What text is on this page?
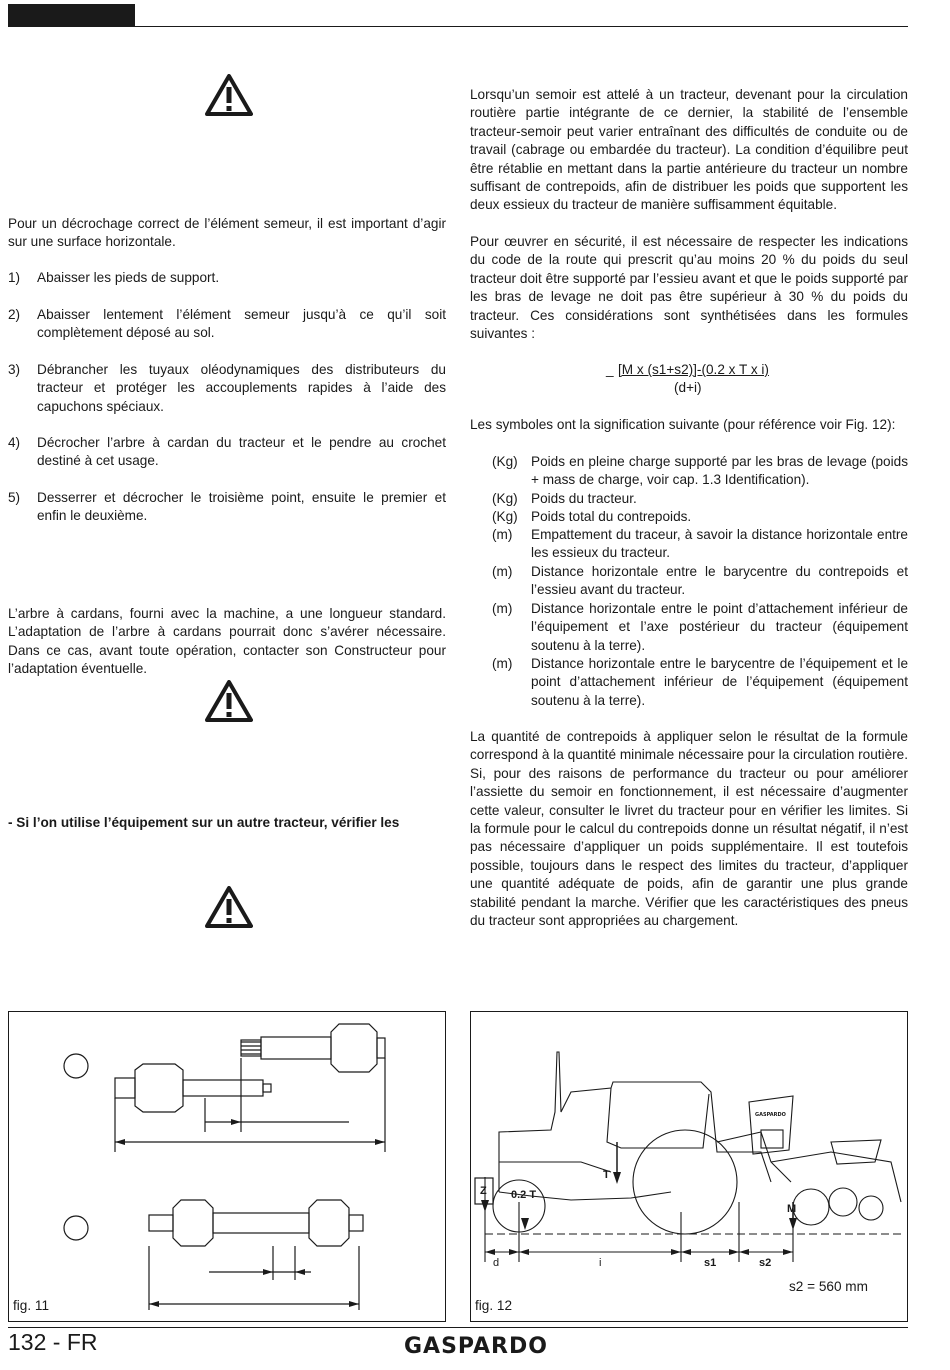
Pour un décrochage correct de l’élément semeur, il est important d’agir sur une surface horizontale.
1) Abaisser les pieds de support.
2) Abaisser lentement l’élément semeur jusqu’à ce qu’il soit complètement déposé au sol.
3) Débrancher les tuyaux oléodynamiques des distributeurs du tracteur et protéger les accouplements rapides à l’aide des capuchons spéciaux.
4) Décrocher l’arbre à cardan du tracteur et le pendre au crochet destiné à cet usage.
5) Desserrer et décrocher le troisième point, ensuite le premier et enfin le deuxième.
L’arbre à cardans, fourni avec la machine, a une longueur standard. L’adaptation de l’arbre à cardans pourrait donc s’avérer nécessaire. Dans ce cas, avant toute opération, contacter son Constructeur pour l’adaptation éventuelle.
- Si l’on utilise l’équipement sur un autre tracteur, vérifier les
Lorsqu’un semoir est attelé à un tracteur, devenant pour la circulation routière partie intégrante de ce dernier, la stabilité de l’ensemble tracteur-semoir peut varier entraînant des difficultés de conduite ou de travail (cabrage ou embardée du tracteur). La condition d’équilibre peut être rétablie en mettant dans la partie antérieure du tracteur un nombre suffisant de contrepoids, afin de distribuer les poids que supportent les deux essieux du tracteur de manière suffisamment équitable.
Pour œuvrer en sécurité, il est nécessaire de respecter les indications du code de la route qui prescrit qu’au moins 20 % du poids du seul tracteur doit être supporté par l’essieu avant et que le poids supporté par les bras de levage ne doit pas être supérieur à 30 % du poids du tracteur. Ces considérations sont synthétisées dans les formules suivantes :
_ [M x (s1+s2)]-(0.2 x T x i)
(d+i)
Les symboles ont la signification suivante (pour référence voir Fig. 12):
(Kg) Poids en pleine charge supporté par les bras de levage (poids + mass de charge, voir cap. 1.3 Identification).
(Kg) Poids du tracteur.
(Kg) Poids total du contrepoids.
(m) Empattement du traceur, à savoir la distance horizontale entre les essieux du tracteur.
(m) Distance horizontale entre le barycentre du contrepoids et l’essieu avant du tracteur.
(m) Distance horizontale entre le point d’attachement inférieur de l’équipement et l’axe postérieur du tracteur (équipement soutenu à la terre).
(m) Distance horizontale entre le barycentre de l’équipement et le point d’attachement inférieur de l’équipement (équipement soutenu à la terre).
La quantité de contrepoids à appliquer selon le résultat de la formule correspond à la quantité minimale nécessaire pour la circulation routière. Si, pour des raisons de performance du tracteur ou pour améliorer l’assiette du semoir en fonctionnement, il est nécessaire d’augmenter cette valeur, consulter le livret du tracteur pour en vérifier les limites. Si la formule pour le calcul du contrepoids donne un résultat négatif, il n’est pas nécessaire d’appliquer un poids supplémentaire. Il est toutefois possible, toujours dans le respect des limites du tracteur, d’appliquer une quantité adéquate de poids, afin de garantir une plus grande stabilité pendant la marche. Vérifier que les caractéristiques des pneus du tracteur sont appropriées au chargement.
fig. 11
Z 0.2 T
T
M
d	i	s1	s2
GASPARDO
s2 = 560 mm
fig. 12
132 - FR	GASPARDO
